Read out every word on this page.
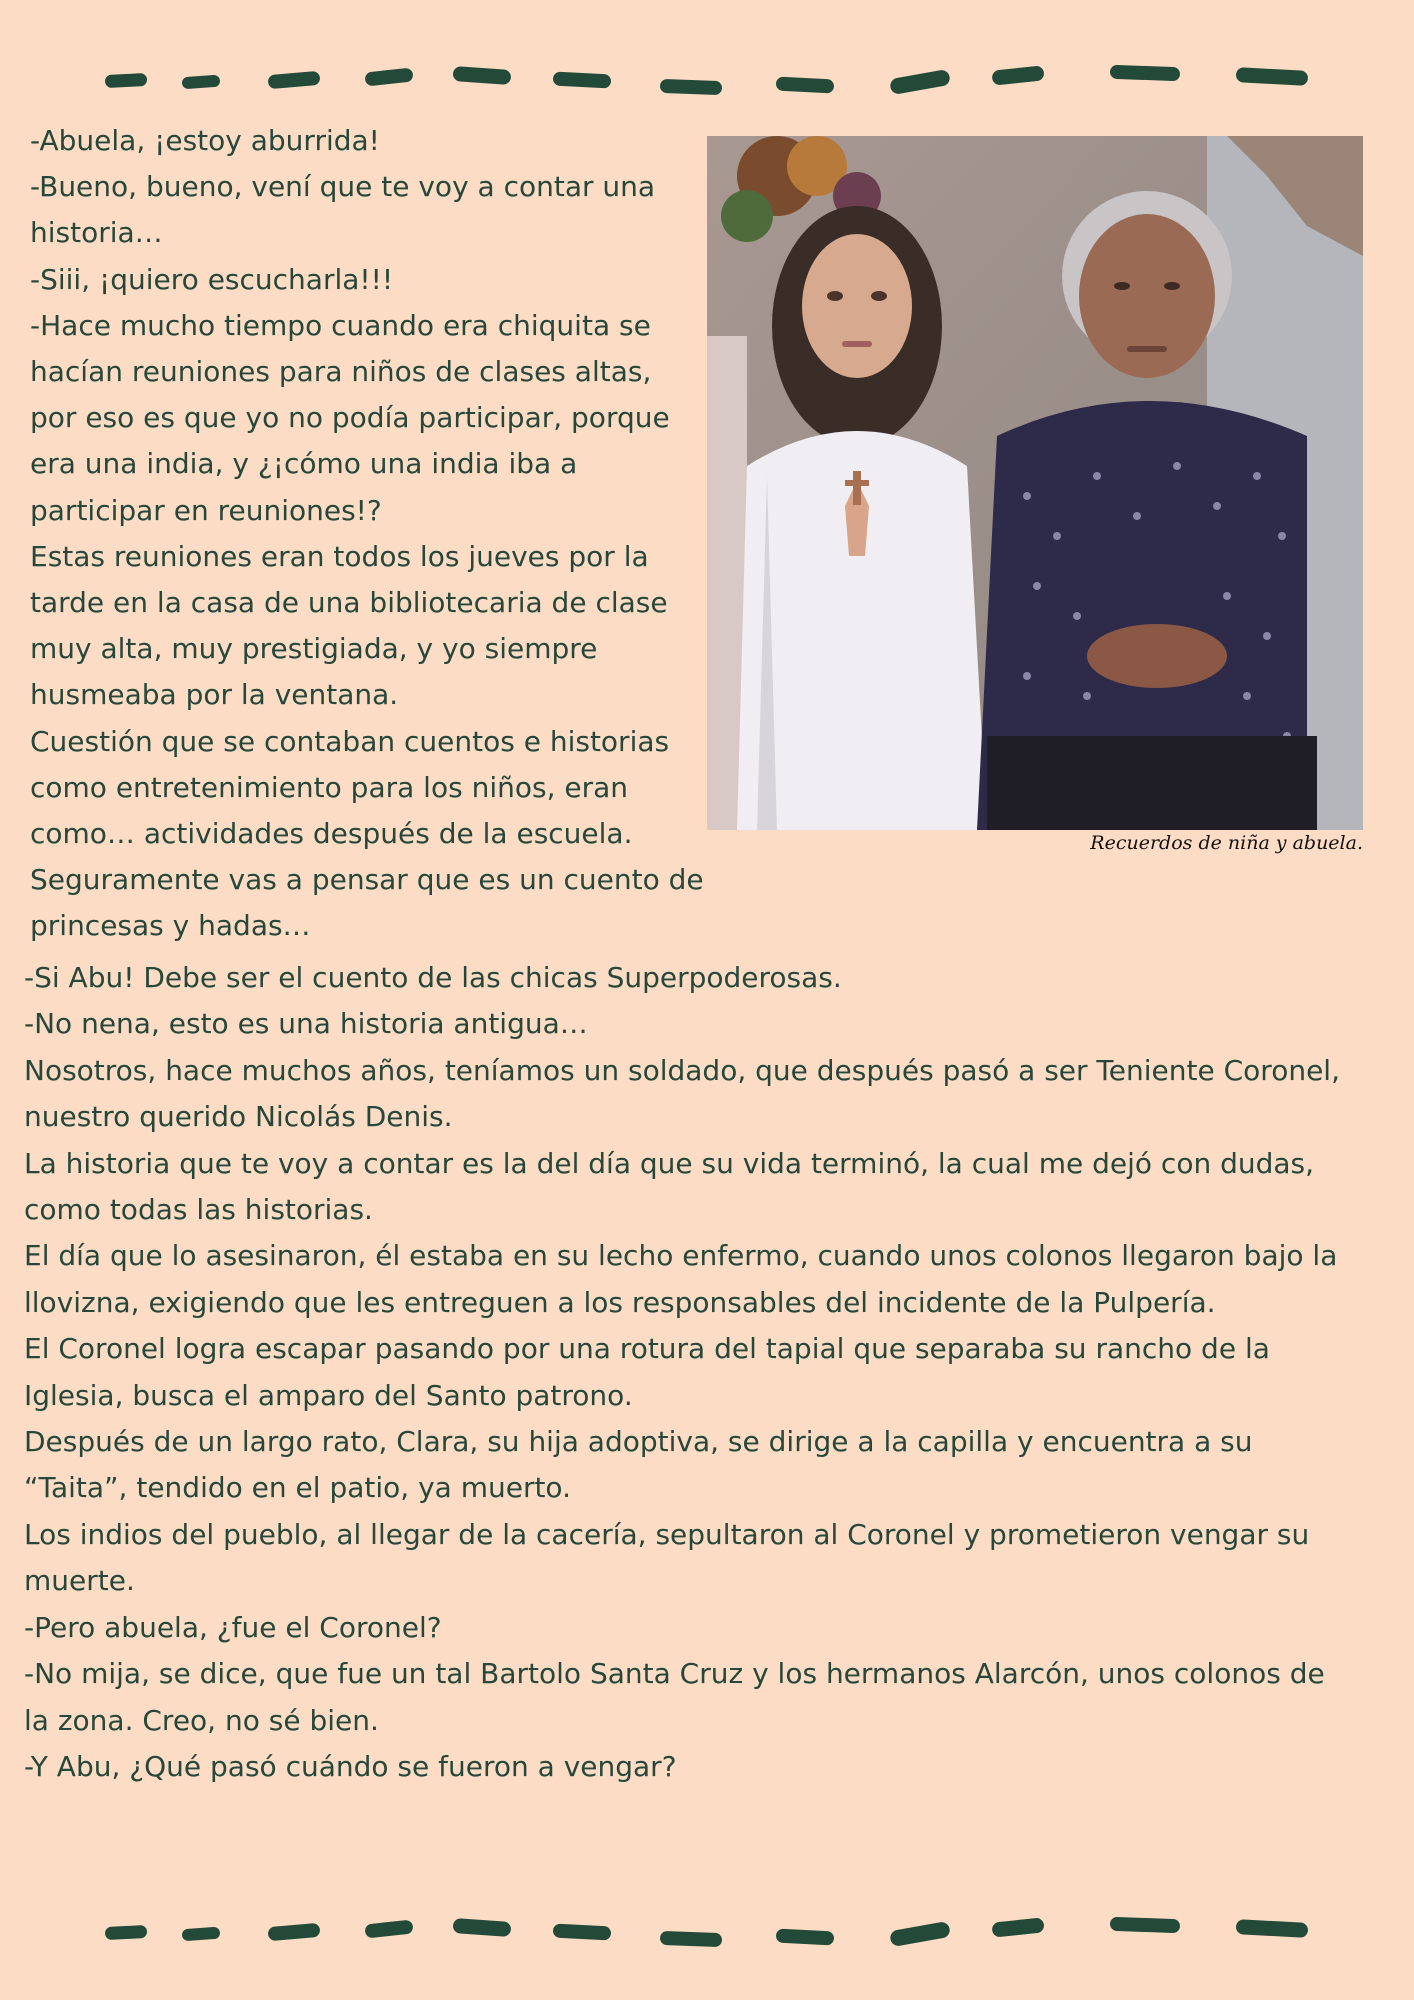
-Abuela, ¡estoy aburrida!
-Bueno, bueno, vení que te voy a contar una
historia…
-Siii, ¡quiero escucharla!!!
-Hace mucho tiempo cuando era chiquita se
hacían reuniones para niños de clases altas,
por eso es que yo no podía participar, porque
era una india, y ¿¡cómo una india iba a
participar en reuniones!?
Estas reuniones eran todos los jueves por la
tarde en la casa de una bibliotecaria de clase
muy alta, muy prestigiada, y yo siempre
husmeaba por la ventana.
Cuestión que se contaban cuentos e historias
como entretenimiento para los niños, eran
como… actividades después de la escuela.
Seguramente vas a pensar que es un cuento de
princesas y hadas…
Recuerdos de niña y abuela.
-Si Abu! Debe ser el cuento de las chicas Superpoderosas.
-No nena, esto es una historia antigua…
Nosotros, hace muchos años, teníamos un soldado, que después pasó a ser Teniente Coronel,
nuestro querido Nicolás Denis.
La historia que te voy a contar es la del día que su vida terminó, la cual me dejó con dudas,
como todas las historias.
El día que lo asesinaron, él estaba en su lecho enfermo, cuando unos colonos llegaron bajo la
llovizna, exigiendo que les entreguen a los responsables del incidente de la Pulpería.
El Coronel logra escapar pasando por una rotura del tapial que separaba su rancho de la
Iglesia, busca el amparo del Santo patrono.
Después de un largo rato, Clara, su hija adoptiva, se dirige a la capilla y encuentra a su
“Taita”, tendido en el patio, ya muerto.
Los indios del pueblo, al llegar de la cacería, sepultaron al Coronel y prometieron vengar su
muerte.
-Pero abuela, ¿fue el Coronel?
-No mija, se dice, que fue un tal Bartolo Santa Cruz y los hermanos Alarcón, unos colonos de
la zona. Creo, no sé bien.
-Y Abu, ¿Qué pasó cuándo se fueron a vengar?
